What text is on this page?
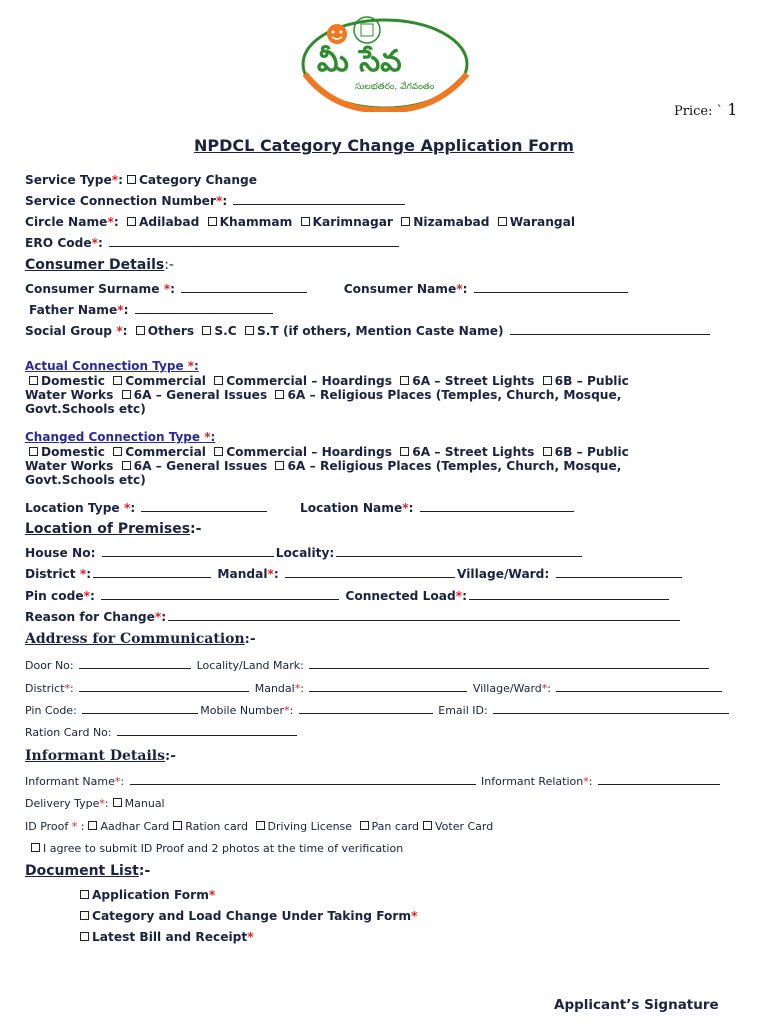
మీ సేవ
సులభతరం, వేగవంతం
Price: ` 1
NPDCL Category Change Application Form
Service Type*: Category Change
Service Connection Number*:
Circle Name*: Adilabad Khammam Karimnagar Nizamabad Warangal
ERO Code*:
Consumer Details:-
Consumer Surname *:	Consumer Name*:
Father Name*:
Social Group *: Others S.C S.T (if others, Mention Caste Name)
Actual Connection Type *:
Domestic Commercial Commercial – Hoardings 6A – Street Lights 6B – Public
Water Works 6A – General Issues 6A – Religious Places (Temples, Church, Mosque,
Govt.Schools etc)
Changed Connection Type *:
Domestic Commercial Commercial – Hoardings 6A – Street Lights 6B – Public
Water Works 6A – General Issues 6A – Religious Places (Temples, Church, Mosque,
Govt.Schools etc)
Location Type *:	Location Name*:
Location of Premises:-
House No:	Locality:
District *:	Mandal*:	Village/Ward:
Pin code*:	Connected Load*:
Reason for Change*:
Address for Communication:-
Door No:	Locality/Land Mark:
District*:	Mandal*:	Village/Ward*:
Pin Code:	Mobile Number*:	Email ID:
Ration Card No:
Informant Details:-
Informant Name*:	Informant Relation*:
Delivery Type*: Manual
ID Proof * : Aadhar Card Ration card Driving License Pan card Voter Card
I agree to submit ID Proof and 2 photos at the time of verification
Document List:-
Application Form*
Category and Load Change Under Taking Form*
Latest Bill and Receipt*
Applicant’s Signature
